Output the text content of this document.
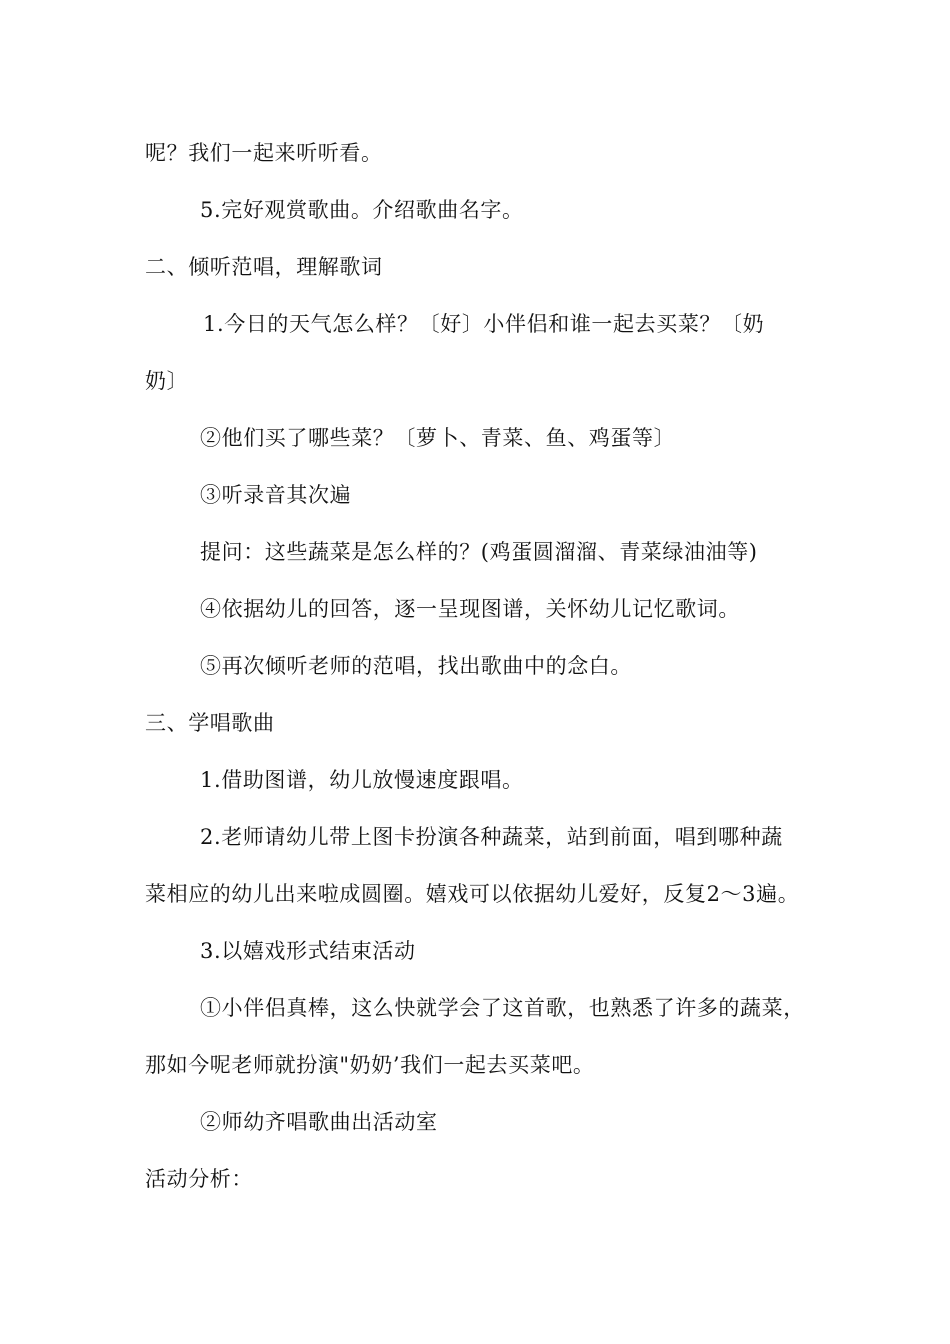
呢？我们一起来听听看。
5.完好观赏歌曲。介绍歌曲名字。
二、倾听范唱，理解歌词
1.今日的天气怎么样？〔好〕小伴侣和谁一起去买菜？〔奶
奶〕
②他们买了哪些菜？〔萝卜、青菜、鱼、鸡蛋等〕
③听录音其次遍
提问：这些蔬菜是怎么样的？(鸡蛋圆溜溜、青菜绿油油等)
④依据幼儿的回答，逐一呈现图谱，关怀幼儿记忆歌词。
⑤再次倾听老师的范唱，找出歌曲中的念白。
三、学唱歌曲
1.借助图谱，幼儿放慢速度跟唱。
2.老师请幼儿带上图卡扮演各种蔬菜，站到前面，唱到哪种蔬
菜相应的幼儿出来啦成圆圈。嬉戏可以依据幼儿爱好，反复2～3遍。
3.以嬉戏形式结束活动
①小伴侣真棒，这么快就学会了这首歌，也熟悉了许多的蔬菜，
那如今呢老师就扮演"奶奶’我们一起去买菜吧。
②师幼齐唱歌曲出活动室
活动分析：
